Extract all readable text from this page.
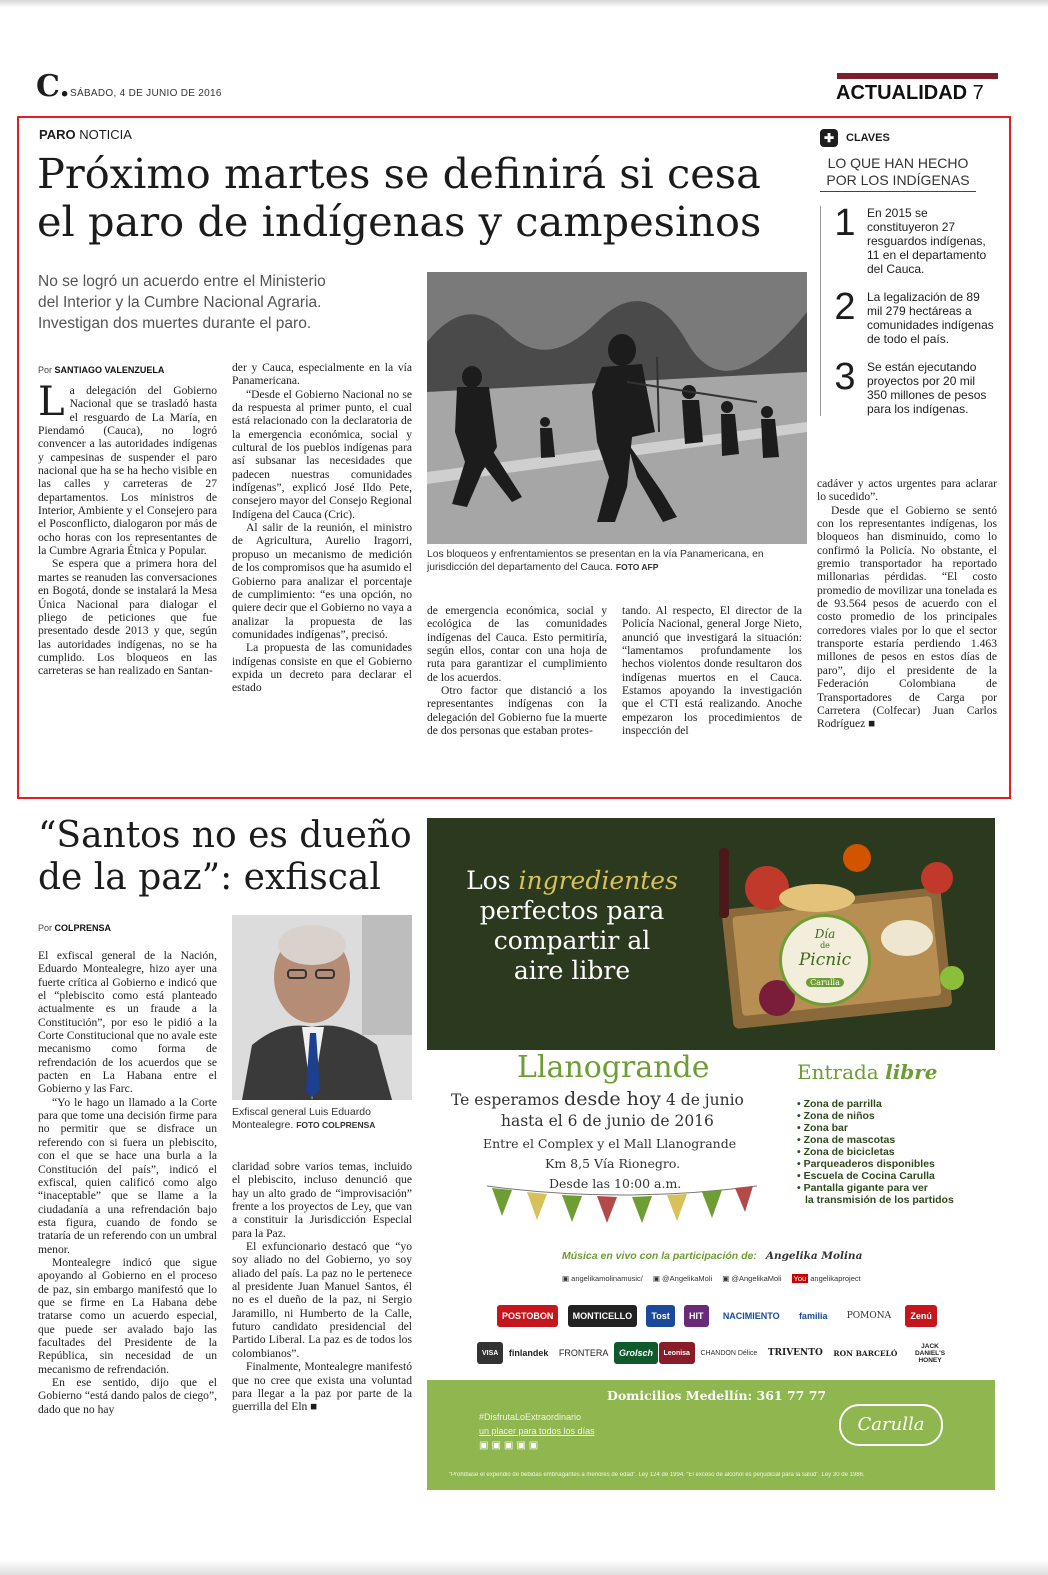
C. SÁBADO, 4 DE JUNIO DE 2016	ACTUALIDAD 7
PARO NOTICIA
Próximo martes se definirá si cesa
el paro de indígenas y campesinos
No se logró un acuerdo entre el Ministerio
del Interior y la Cumbre Nacional Agraria.
Investigan dos muertes durante el paro.
Por SANTIAGO VALENZUELA

La delegación del Gobierno Nacional que se trasladó hasta el resguardo de La María, en Piendamó (Cauca), no logró convencer a las autoridades indígenas y campesinas de suspender el paro nacional que ha se ha hecho visible en las calles y carreteras de 27 departamentos. Los ministros de Interior, Ambiente y el Consejero para el Posconflicto, dialogaron por más de ocho horas con los representantes de la Cumbre Agraria Étnica y Popular.

Se espera que a primera hora del martes se reanuden las conversaciones en Bogotá, donde se instalará la Mesa Única Nacional para dialogar el pliego de peticiones que fue presentado desde 2013 y que, según las autoridades indígenas, no se ha cumplido. Los bloqueos en las carreteras se han realizado en Santan-

der y Cauca, especialmente en la vía Panamericana.

“Desde el Gobierno Nacional no se da respuesta al primer punto, el cual está relacionado con la declaratoria de la emergencia económica, social y cultural de los pueblos indígenas para así subsanar las necesidades que padecen nuestras comunidades indígenas”, explicó José Ildo Pete, consejero mayor del Consejo Regional Indígena del Cauca (Cric).

Al salir de la reunión, el ministro de Agricultura, Aurelio Iragorri, propuso un mecanismo de medición de los compromisos que ha asumido el Gobierno para analizar el porcentaje de cumplimiento: “es una opción, no quiere decir que el Gobierno no vaya a analizar la propuesta de las comunidades indígenas”, precisó.

La propuesta de las comunidades indígenas consiste en que el Gobierno expida un decreto para declarar el estado

Los bloqueos y enfrentamientos se presentan en la vía Panamericana, en jurisdicción del departamento del Cauca. FOTO AFP

de emergencia económica, social y ecológica de las comunidades indígenas del Cauca. Esto permitiría, según ellos, contar con una hoja de ruta para garantizar el cumplimiento de los acuerdos.

Otro factor que distanció a los representantes indígenas con la delegación del Gobierno fue la muerte de dos personas que estaban protes-

tando. Al respecto, El director de la Policía Nacional, general Jorge Nieto, anunció que investigará la situación: “lamentamos profundamente los hechos violentos donde resultaron dos indígenas muertos en el Cauca. Estamos apoyando la investigación que el CTI está realizando. Anoche empezaron los procedimientos de inspección del

✚	CLAVES
LO QUE HAN HECHO
POR LOS INDÍGENAS
1 En 2015 se constituyeron 27 resguardos indígenas, 11 en el departamento del Cauca.
2 La legalización de 89 mil 279 hectáreas a comunidades indígenas de todo el país.
3 Se están ejecutando proyectos por 20 mil 350 millones de pesos para los indígenas.

cadáver y actos urgentes para aclarar lo sucedido”.

Desde que el Gobierno se sentó con los representantes indígenas, los bloqueos han disminuido, como lo confirmó la Policía. No obstante, el gremio transportador ha reportado millonarias pérdidas. “El costo promedio de movilizar una tonelada es de 93.564 pesos de acuerdo con el costo promedio de los principales corredores viales por lo que el sector transporte estaría perdiendo 1.463 millones de pesos en estos días de paro”, dijo el presidente de la Federación Colombiana de Transportadores de Carga por Carretera (Colfecar) Juan Carlos Rodríguez ■

“Santos no es dueño
de la paz”: exfiscal
Por COLPRENSA

El exfiscal general de la Nación, Eduardo Montealegre, hizo ayer una fuerte crítica al Gobierno e indicó que el “plebiscito como está planteado actualmente es un fraude a la Constitución”, por eso le pidió a la Corte Constitucional que no avale este mecanismo como forma de refrendación de los acuerdos que se pacten en La Habana entre el Gobierno y las Farc.

“Yo le hago un llamado a la Corte para que tome una decisión firme para no permitir que se disfrace un referendo con si fuera un plebiscito, con el que se hace una burla a la Constitución del país”, indicó el exfiscal, quien calificó como algo “inaceptable” que se llame a la ciudadanía a una refrendación bajo esta figura, cuando de fondo se trataría de un referendo con un umbral menor.

Montealegre indicó que sigue apoyando al Gobierno en el proceso de paz, sin embargo manifestó que lo que se firme en La Habana debe tratarse como un acuerdo especial, que puede ser avalado bajo las facultades del Presidente de la República, sin necesidad de un mecanismo de refrendación.

En ese sentido, dijo que el Gobierno “está dando palos de ciego”, dado que no hay

Exfiscal general Luis Eduardo Montealegre. FOTO COLPRENSA

claridad sobre varios temas, incluido el plebiscito, incluso denunció que hay un alto grado de “improvisación” frente a los proyectos de Ley, que van a constituir la Jurisdicción Especial para la Paz.

El exfuncionario destacó que “yo soy aliado no del Gobierno, yo soy aliado del país. La paz no le pertenece al presidente Juan Manuel Santos, él no es el dueño de la paz, ni Sergio Jaramillo, ni Humberto de la Calle, futuro candidato presidencial del Partido Liberal. La paz es de todos los colombianos”.

Finalmente, Montealegre manifestó que no cree que exista una voluntad para llegar a la paz por parte de la guerrilla del Eln ■

Los ingredientes
perfectos para
compartir al
aire libre
Día
de
Picnic
Carulla
Llanogrande
Te esperamos desde hoy 4 de junio
hasta el 6 de junio de 2016
Entre el Complex y el Mall Llanogrande
Km 8,5 Vía Rionegro.
Desde las 10:00 a.m.
Entrada libre
• Zona de parrilla
• Zona de niños
• Zona bar
• Zona de mascotas
• Zona de bicicletas
• Parqueaderos disponibles
• Escuela de Cocina Carulla
• Pantalla gigante para ver
la transmisión de los partidos
Música en vivo con la participación de: Angelika Molina
▣ angelikamolinamusic/ ▣ @AngelikaMoli ▣ @AngelikaMoli You angelikaproject
POSTOBON	MONTICELLO	Tost	HIT	NACIMIENTO	familia	POMONA	Zenú
VISA	finlandek	FRONTERA	Grolsch	Leonisa	CHANDON Délice	TRIVENTO	RON BARCELÓ
JACK DANIEL'S HONEY
Domicilios Medellín: 361 77 77
#DisfrutaLoExtraordinario
un placer para todos los días
▣▣▣▣▣
Carulla
“Prohíbase el expendio de bebidas embriagantes a menores de edad”. Ley 124 de 1994. “El exceso de alcohol es perjudicial para la salud”. Ley 30 de 1986.
